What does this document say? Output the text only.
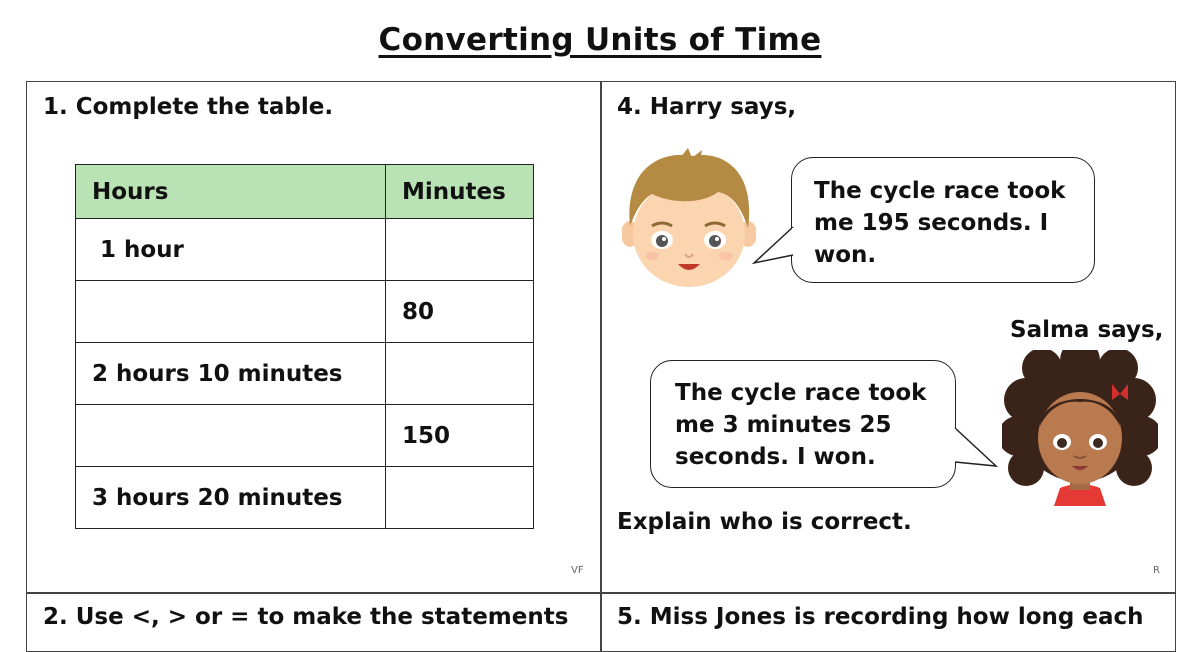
Converting Units of Time
1. Complete the table.
Hours	Minutes
1 hour	
	80
2 hours 10 minutes	
	150
3 hours 20 minutes	
VF
4. Harry says,
The cycle race took me 195 seconds. I won.
Salma says,
The cycle race took me 3 minutes 25 seconds. I won.
Explain who is correct.
R
2. Use <, > or = to make the statements 5. Miss Jones is recording how long each
